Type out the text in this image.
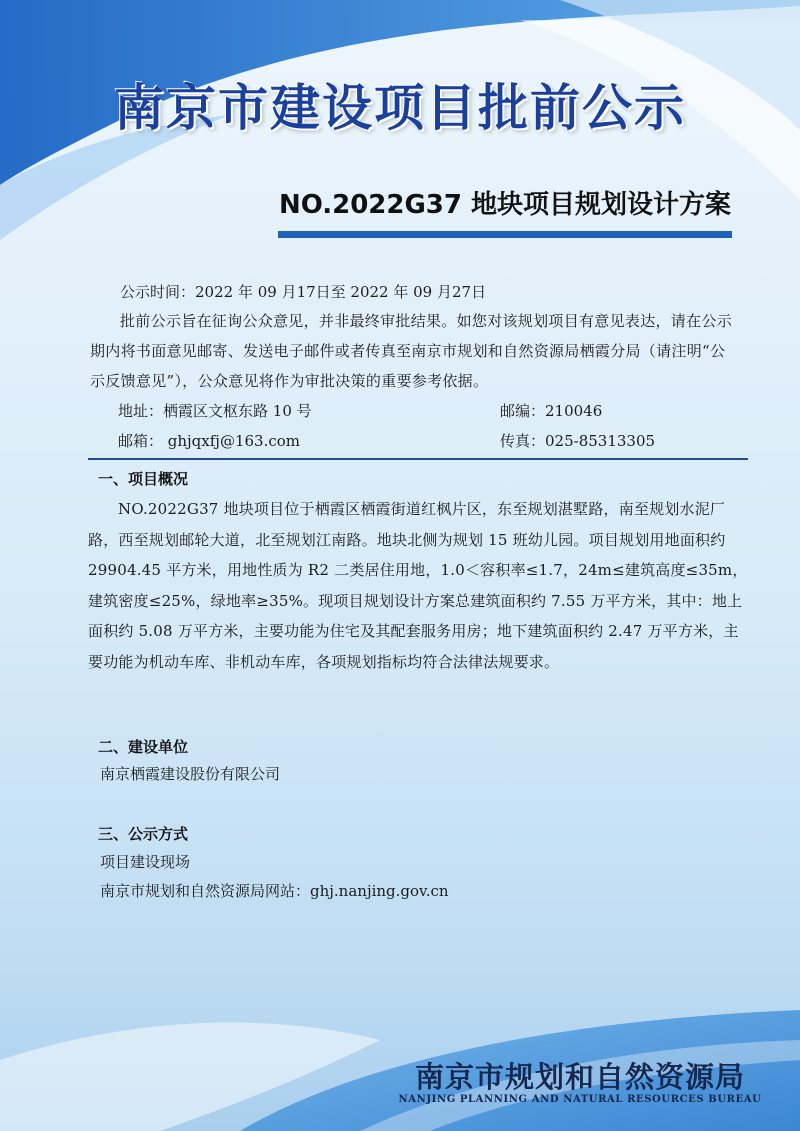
南京市建设项目批前公示
NO.2022G37 地块项目规划设计方案
公示时间：2022 年 09 月17日至 2022 年 09 月27日
批前公示旨在征询公众意见，并非最终审批结果。如您对该规划项目有意见表达，请在公示期内将书面意见邮寄、发送电子邮件或者传真至南京市规划和自然资源局栖霞分局（请注明“公示反馈意见”），公众意见将作为审批决策的重要参考依据。
地址：栖霞区文枢东路 10 号	邮编：210046
邮箱： ghjqxfj@163.com	传真：025-85313305
一、项目概况
NO.2022G37 地块项目位于栖霞区栖霞街道红枫片区，东至规划湛墅路，南至规划水泥厂路，西至规划邮轮大道，北至规划江南路。地块北侧为规划 15 班幼儿园。项目规划用地面积约 29904.45 平方米，用地性质为 R2 二类居住用地，1.0＜容积率≤1.7，24m≤建筑高度≤35m，建筑密度≤25%，绿地率≥35%。现项目规划设计方案总建筑面积约 7.55 万平方米，其中：地上面积约 5.08 万平方米，主要功能为住宅及其配套服务用房；地下建筑面积约 2.47 万平方米，主要功能为机动车库、非机动车库，各项规划指标均符合法律法规要求。
二、建设单位
南京栖霞建设股份有限公司
三、公示方式
项目建设现场
南京市规划和自然资源局网站：ghj.nanjing.gov.cn
南京市规划和自然资源局
NANJING PLANNING AND NATURAL RESOURCES BUREAU
